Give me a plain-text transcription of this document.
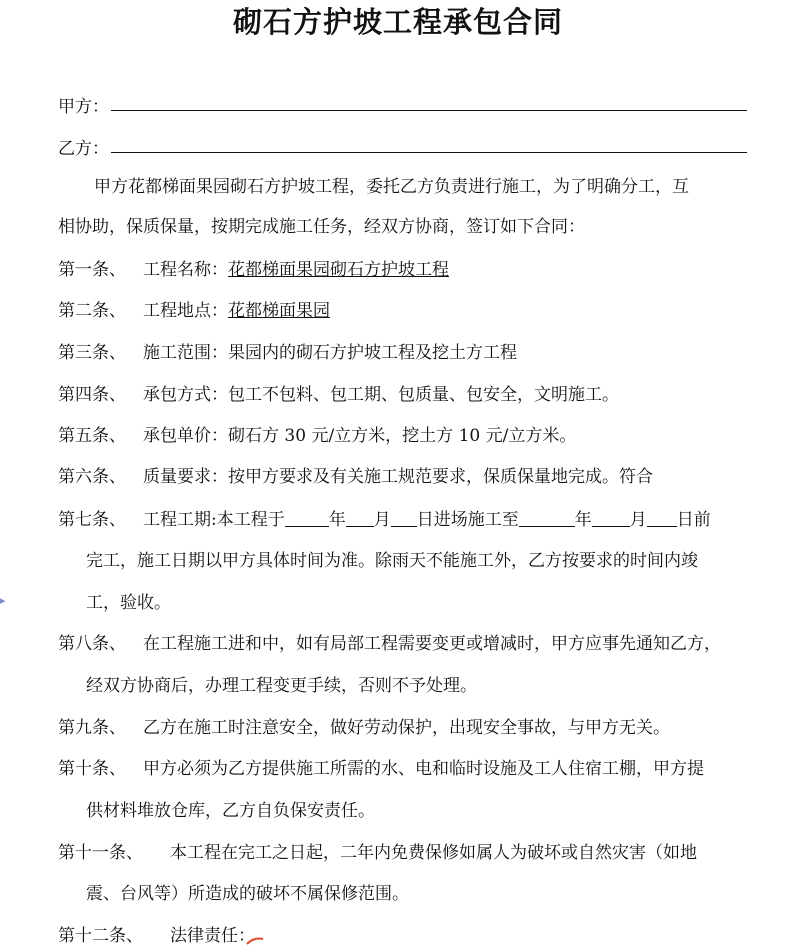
砌石方护坡工程承包合同
甲方：
乙方：
甲方花都梯面果园砌石方护坡工程，委托乙方负责进行施工，为了明确分工，互
相协助，保质保量，按期完成施工任务，经双方协商，签订如下合同：
第一条、 工程名称：花都梯面果园砌石方护坡工程
第二条、 工程地点：花都梯面果园
第三条、 施工范围：果园内的砌石方护坡工程及挖土方工程
第四条、 承包方式：包工不包料、包工期、包质量、包安全，文明施工。
第五条、 承包单价：砌石方 30 元/立方米，挖土方 10 元/立方米。
第六条、 质量要求：按甲方要求及有关施工规范要求，保质保量地完成。符合
第七条、 工程工期:本工程于	年 月 日进场施工至	年 月 日前
完工，施工日期以甲方具体时间为准。除雨天不能施工外，乙方按要求的时间内竣
工，验收。
第八条、 在工程施工进和中，如有局部工程需要变更或增减时，甲方应事先通知乙方，
经双方协商后，办理工程变更手续，否则不予处理。
第九条、 乙方在施工时注意安全，做好劳动保护，出现安全事故，与甲方无关。
第十条、 甲方必须为乙方提供施工所需的水、电和临时设施及工人住宿工棚，甲方提
供材料堆放仓库，乙方自负保安责任。
第十一条、 本工程在完工之日起，二年内免费保修如属人为破坏或自然灾害（如地
震、台风等）所造成的破坏不属保修范围。
第十二条、 法律责任：
▸
